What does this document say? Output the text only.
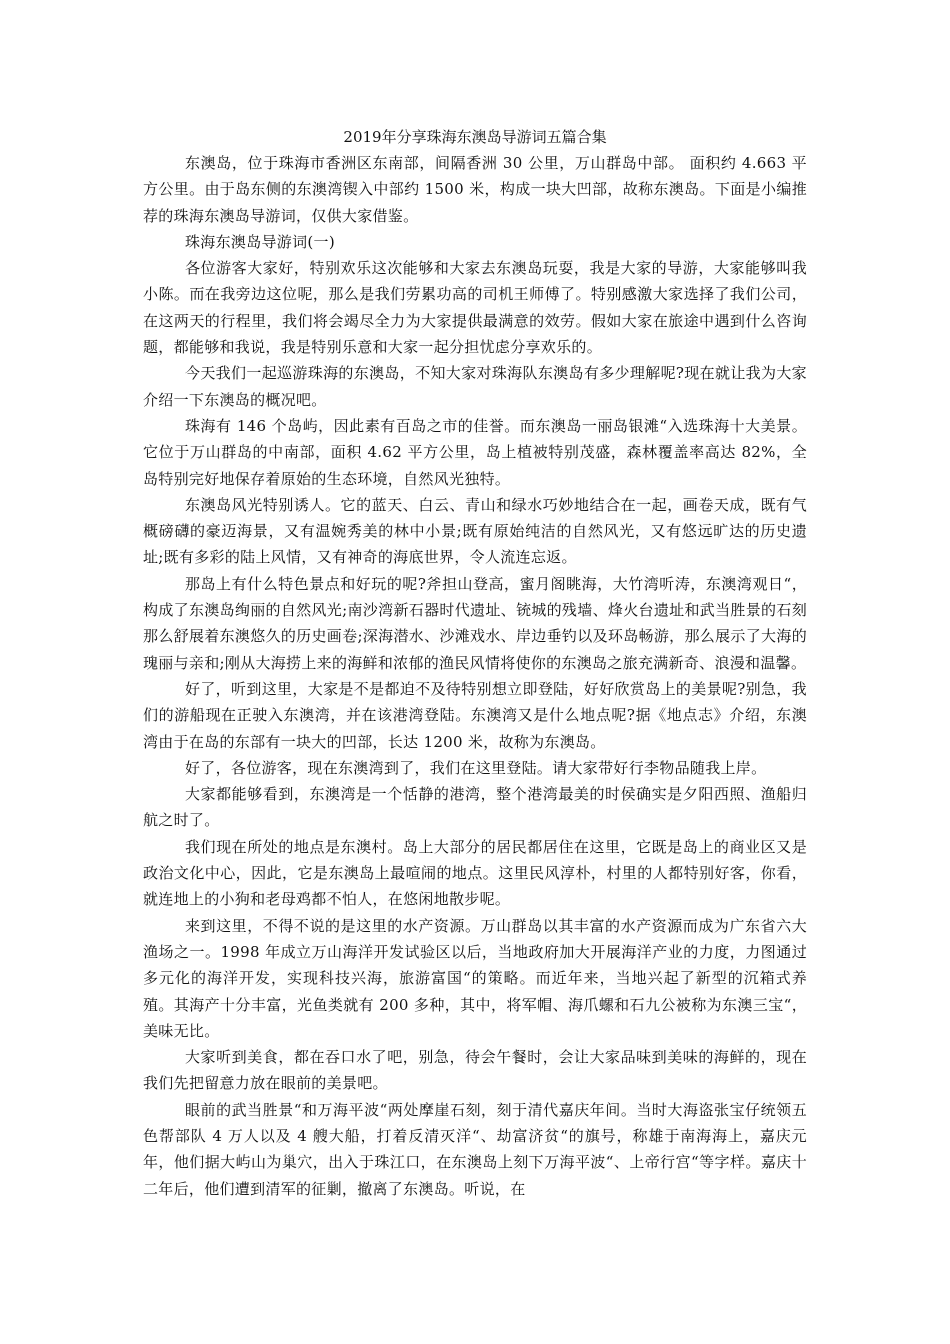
2019年分享珠海东澳岛导游词五篇合集

东澳岛，位于珠海市香洲区东南部，间隔香洲 30 公里，万山群岛中部。 面积约 4.663 平方公里。由于岛东侧的东澳湾锲入中部约 1500 米，构成一块大凹部，故称东澳岛。下面是小编推荐的珠海东澳岛导游词，仅供大家借鉴。

珠海东澳岛导游词(一)

各位游客大家好，特别欢乐这次能够和大家去东澳岛玩耍，我是大家的导游，大家能够叫我小陈。而在我旁边这位呢，那么是我们劳累功高的司机王师傅了。特别感激大家选择了我们公司，在这两天的行程里，我们将会竭尽全力为大家提供最满意的效劳。假如大家在旅途中遇到什么咨询题，都能够和我说，我是特别乐意和大家一起分担忧虑分享欢乐的。

今天我们一起巡游珠海的东澳岛，不知大家对珠海队东澳岛有多少理解呢?现在就让我为大家介绍一下东澳岛的概况吧。

珠海有 146 个岛屿，因此素有百岛之市的佳誉。而东澳岛一丽岛银滩“入选珠海十大美景。它位于万山群岛的中南部，面积 4.62 平方公里，岛上植被特别茂盛，森林覆盖率高达 82%，全岛特别完好地保存着原始的生态环境，自然风光独特。

东澳岛风光特别诱人。它的蓝天、白云、青山和绿水巧妙地结合在一起，画卷天成，既有气概磅礴的豪迈海景，又有温婉秀美的林中小景;既有原始纯洁的自然风光，又有悠远旷达的历史遗址;既有多彩的陆上风情，又有神奇的海底世界，令人流连忘返。

那岛上有什么特色景点和好玩的呢?斧担山登高，蜜月阁眺海，大竹湾听涛，东澳湾观日“，构成了东澳岛绚丽的自然风光;南沙湾新石器时代遗址、铳城的残墙、烽火台遗址和武当胜景的石刻那么舒展着东澳悠久的历史画卷;深海潜水、沙滩戏水、岸边垂钓以及环岛畅游，那么展示了大海的瑰丽与亲和;刚从大海捞上来的海鲜和浓郁的渔民风情将使你的东澳岛之旅充满新奇、浪漫和温馨。

好了，听到这里，大家是不是都迫不及待特别想立即登陆，好好欣赏岛上的美景呢?别急，我们的游船现在正驶入东澳湾，并在该港湾登陆。东澳湾又是什么地点呢?据《地点志》介绍，东澳湾由于在岛的东部有一块大的凹部，长达 1200 米，故称为东澳岛。

好了，各位游客，现在东澳湾到了，我们在这里登陆。请大家带好行李物品随我上岸。

大家都能够看到，东澳湾是一个恬静的港湾，整个港湾最美的时侯确实是夕阳西照、渔船归航之时了。

我们现在所处的地点是东澳村。岛上大部分的居民都居住在这里，它既是岛上的商业区又是政治文化中心，因此，它是东澳岛上最喧闹的地点。这里民风淳朴，村里的人都特别好客，你看，就连地上的小狗和老母鸡都不怕人，在悠闲地散步呢。

来到这里，不得不说的是这里的水产资源。万山群岛以其丰富的水产资源而成为广东省六大渔场之一。1998 年成立万山海洋开发试验区以后，当地政府加大开展海洋产业的力度，力图通过多元化的海洋开发，实现科技兴海，旅游富国“的策略。而近年来，当地兴起了新型的沉箱式养殖。其海产十分丰富，光鱼类就有 200 多种，其中，将军帽、海爪螺和石九公被称为东澳三宝“，美味无比。

大家听到美食，都在吞口水了吧，别急，待会午餐时，会让大家品味到美味的海鲜的，现在我们先把留意力放在眼前的美景吧。

眼前的武当胜景“和万海平波“两处摩崖石刻，刻于清代嘉庆年间。当时大海盗张宝仔统领五色帮部队 4 万人以及 4 艘大船，打着反清灭洋“、劫富济贫“的旗号，称雄于南海海上，嘉庆元年，他们据大屿山为巢穴，出入于珠江口，在东澳岛上刻下万海平波“、上帝行宫“等字样。嘉庆十二年后，他们遭到清军的征剿，撤离了东澳岛。听说，在
